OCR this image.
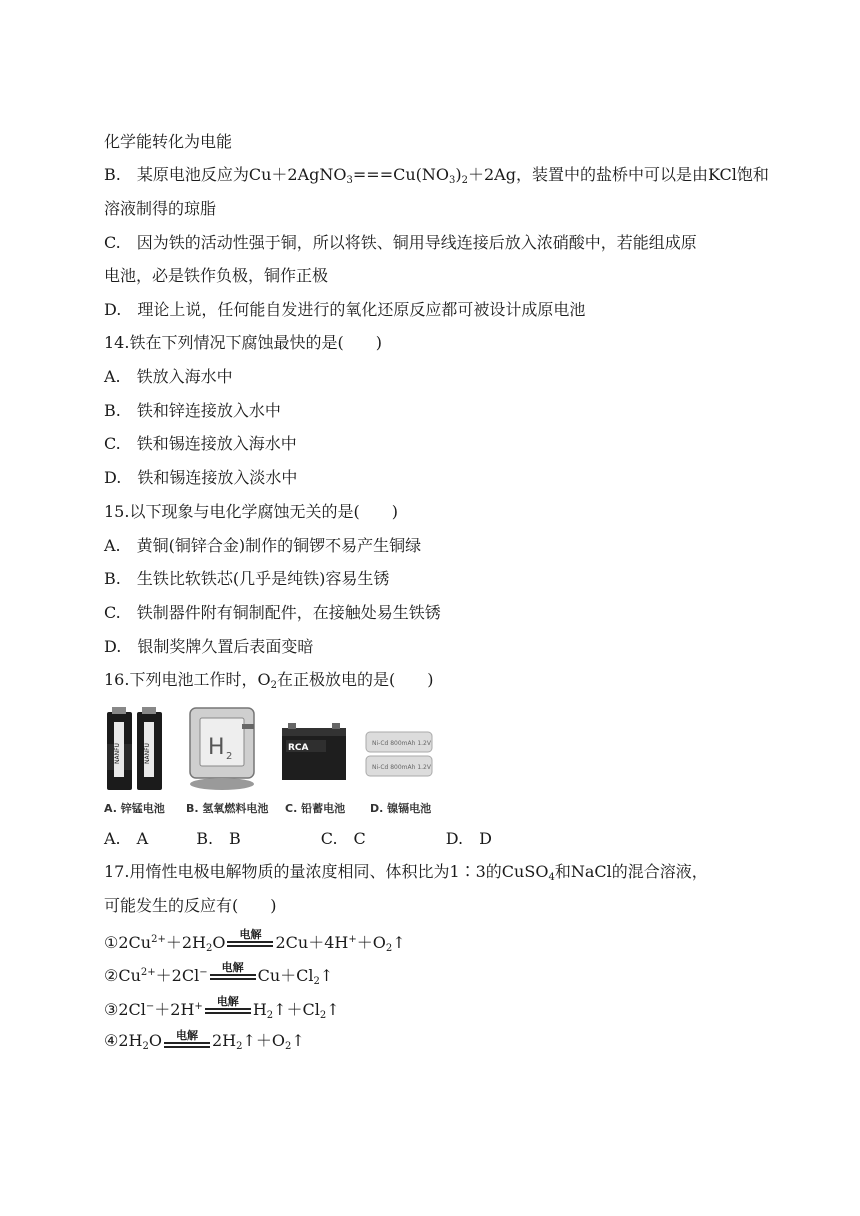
化学能转化为电能
B.　某原电池反应为$Cu+2AgNO_3===Cu(NO_3)_2+2Ag$，装置中的盐桥中可以是由KCl饱和
溶液制得的琼脂
C.　因为铁的活动性强于铜，所以将铁、铜用导线连接后放入浓硝酸中，若能组成原
电池，必是铁作负极，铜作正极
D.　理论上说，任何能自发进行的氧化还原反应都可被设计成原电池
14.铁在下列情况下腐蚀最快的是(　　)
A.　铁放入海水中
B.　铁和锌连接放入水中
C.　铁和锡连接放入海水中
D.　铁和锡连接放入淡水中
15.以下现象与电化学腐蚀无关的是(　　)
A.　黄铜(铜锌合金)制作的铜锣不易产生铜绿
B.　生铁比软铁芯(几乎是纯铁)容易生锈
C.　铁制器件附有铜制配件，在接触处易生铁锈
D.　银制奖牌久置后表面变暗
16.下列电池工作时，$O_2$在正极放电的是(　　)
NANFU	NANFU	H 2
RCA	Ni-Cd 800mAh 1.2V
Ni-Cd 800mAh 1.2V
A. 锌锰电池 B. 氢氧燃料电池 C. 铅蓄电池 D. 镍镉电池
A.　A　　　B.　B　　　　　C.　C　　　　　D.　D
17.用惰性电极电解物质的量浓度相同、体积比为1∶3的CuSO$_4$和NaCl的混合溶液，
可能发生的反应有(　　)
$①2Cu^{2+}+2H_2O$	电解 $2Cu+4H^++O_2↑$
$②Cu^{2+}+2Cl^-$	电解 $Cu+Cl_2↑$
③2Cl−＋2H+	电解 $H_2↑+Cl_2↑$
$④2H_2O$	电解 $2H_2↑+O_2↑$
